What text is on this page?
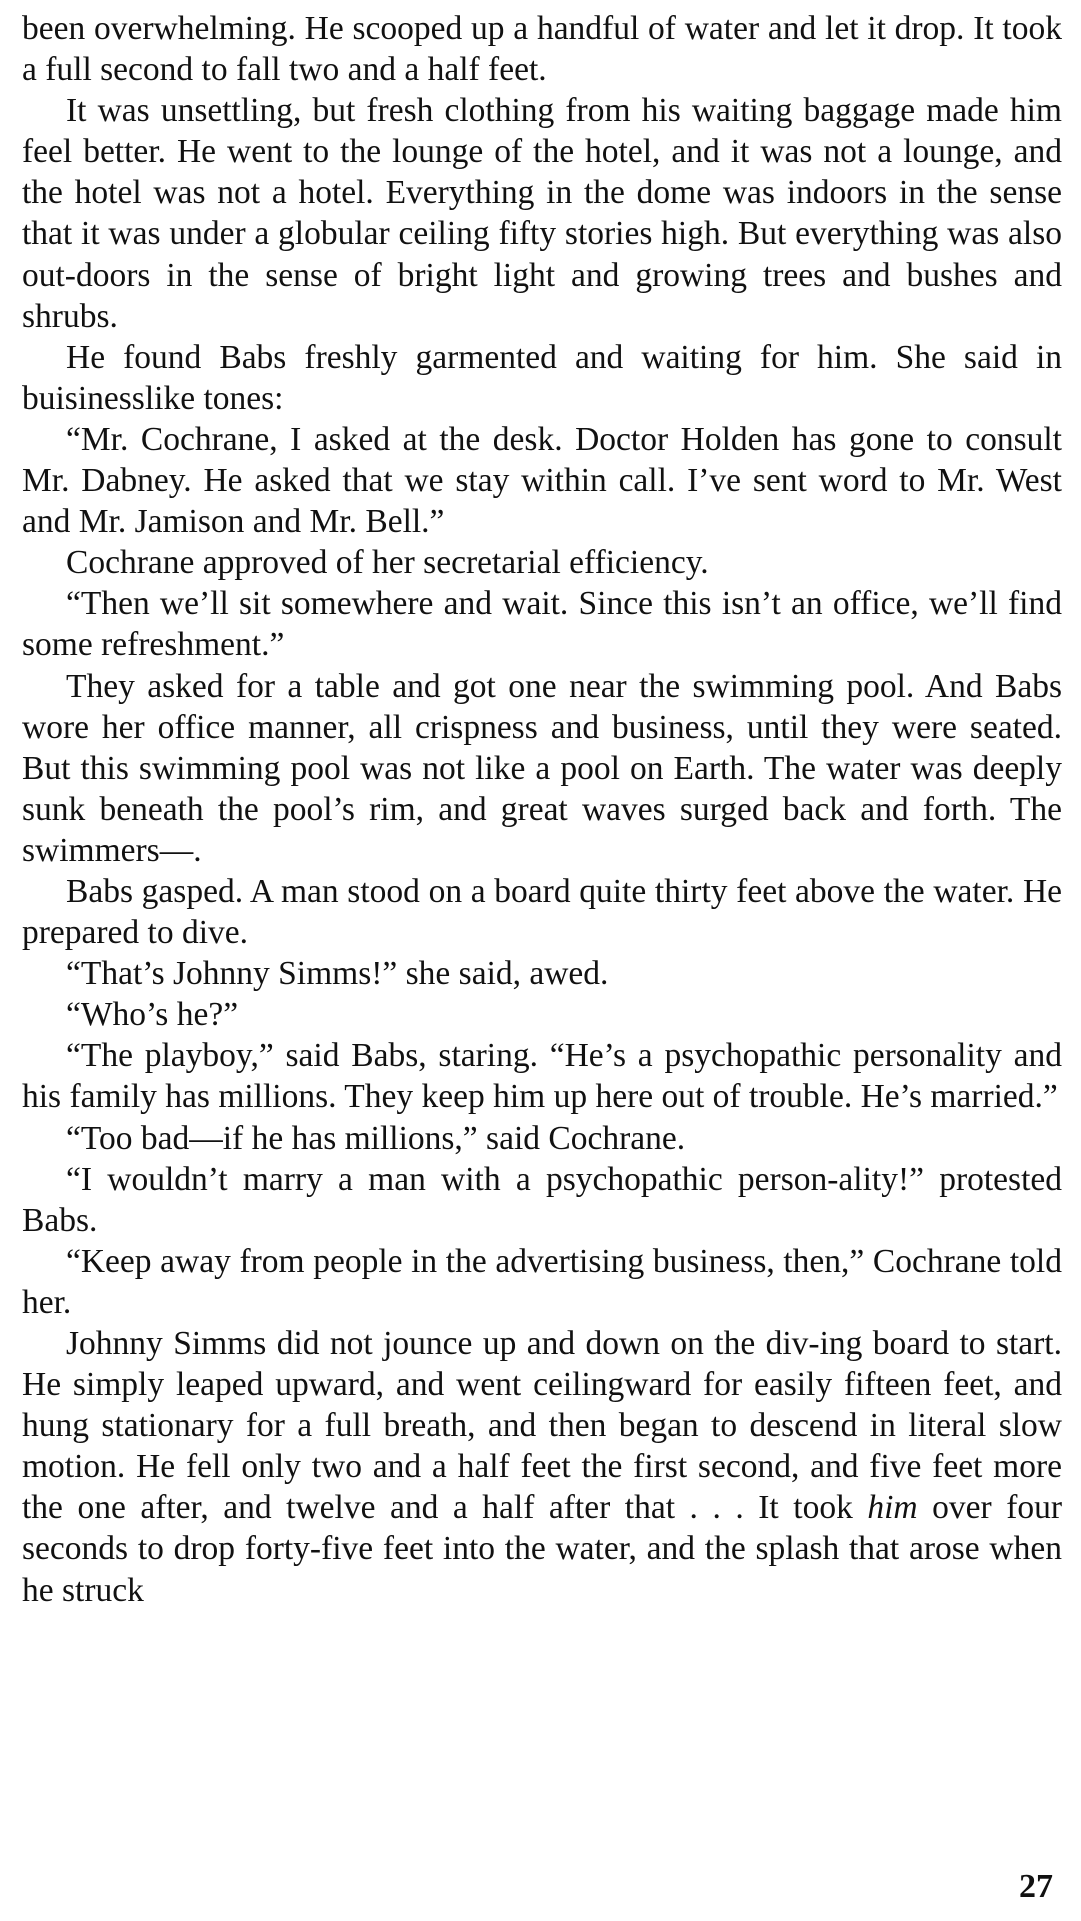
been overwhelming. He scooped up a handful of water and let it drop. It took a full second to fall two and a half feet.

It was unsettling, but fresh clothing from his waiting baggage made him feel better. He went to the lounge of the hotel, and it was not a lounge, and the hotel was not a hotel. Everything in the dome was indoors in the sense that it was under a globular ceiling fifty stories high. But everything was also out-doors in the sense of bright light and growing trees and bushes and shrubs.

He found Babs freshly garmented and waiting for him. She said in buisinesslike tones:

“Mr. Cochrane, I asked at the desk. Doctor Holden has gone to consult Mr. Dabney. He asked that we stay within call. I’ve sent word to Mr. West and Mr. Jamison and Mr. Bell.”

Cochrane approved of her secretarial efficiency.

“Then we’ll sit somewhere and wait. Since this isn’t an office, we’ll find some refreshment.”

They asked for a table and got one near the swimming pool. And Babs wore her office manner, all crispness and business, until they were seated. But this swimming pool was not like a pool on Earth. The water was deeply sunk beneath the pool’s rim, and great waves surged back and forth. The swimmers—.

Babs gasped. A man stood on a board quite thirty feet above the water. He prepared to dive.

“That’s Johnny Simms!” she said, awed.

“Who’s he?”

“The playboy,” said Babs, staring. “He’s a psychopathic personality and his family has millions. They keep him up here out of trouble. He’s married.”

“Too bad—if he has millions,” said Cochrane.

“I wouldn’t marry a man with a psychopathic person-ality!” protested Babs.

“Keep away from people in the advertising business, then,” Cochrane told her.

Johnny Simms did not jounce up and down on the div-ing board to start. He simply leaped upward, and went ceilingward for easily fifteen feet, and hung stationary for a full breath, and then began to descend in literal slow motion. He fell only two and a half feet the first second, and five feet more the one after, and twelve and a half after that . . . It took him over four seconds to drop forty-five feet into the water, and the splash that arose when he struck

27
